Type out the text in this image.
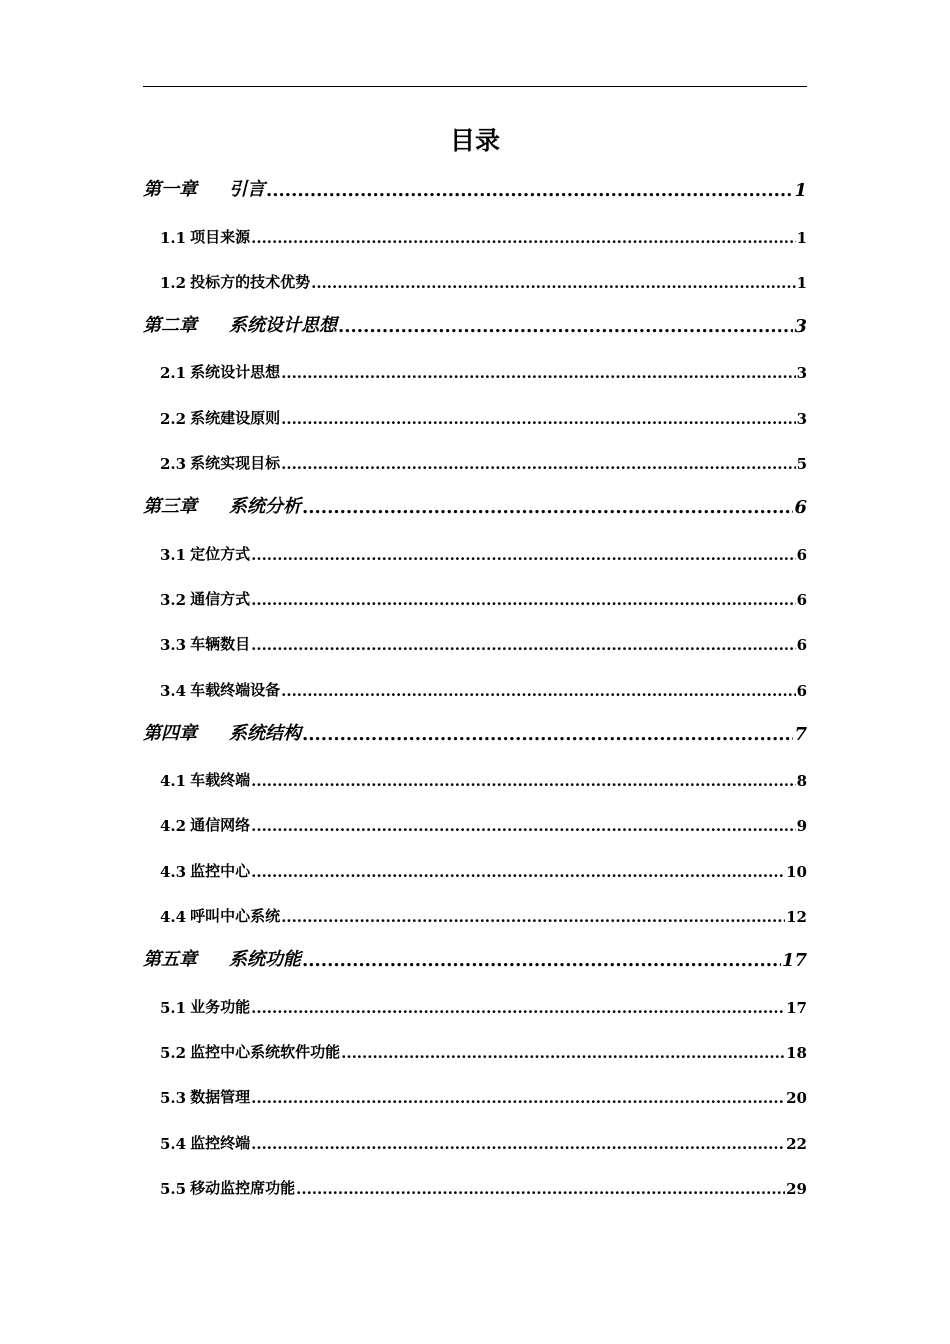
目录
第一章	引言 .....	1
1.1 项目来源 .....	1
1.2 投标方的技术优势 .....	1
第二章	系统设计思想 .....	3
2.1 系统设计思想 .....	3
2.2 系统建设原则 .....	3
2.3 系统实现目标 .....	5
第三章	系统分析 .....	6
3.1 定位方式 .....	6
3.2 通信方式 .....	6
3.3 车辆数目 .....	6
3.4 车载终端设备 .....	6
第四章	系统结构 .....	7
4.1 车载终端 .....	8
4.2 通信网络 .....	9
4.3 监控中心 .....	10
4.4 呼叫中心系统 .....	12
第五章	系统功能 .....	17
5.1 业务功能 .....	17
5.2 监控中心系统软件功能 .....	18
5.3 数据管理 .....	20
5.4 监控终端 .....	22
5.5 移动监控席功能 .....	29
